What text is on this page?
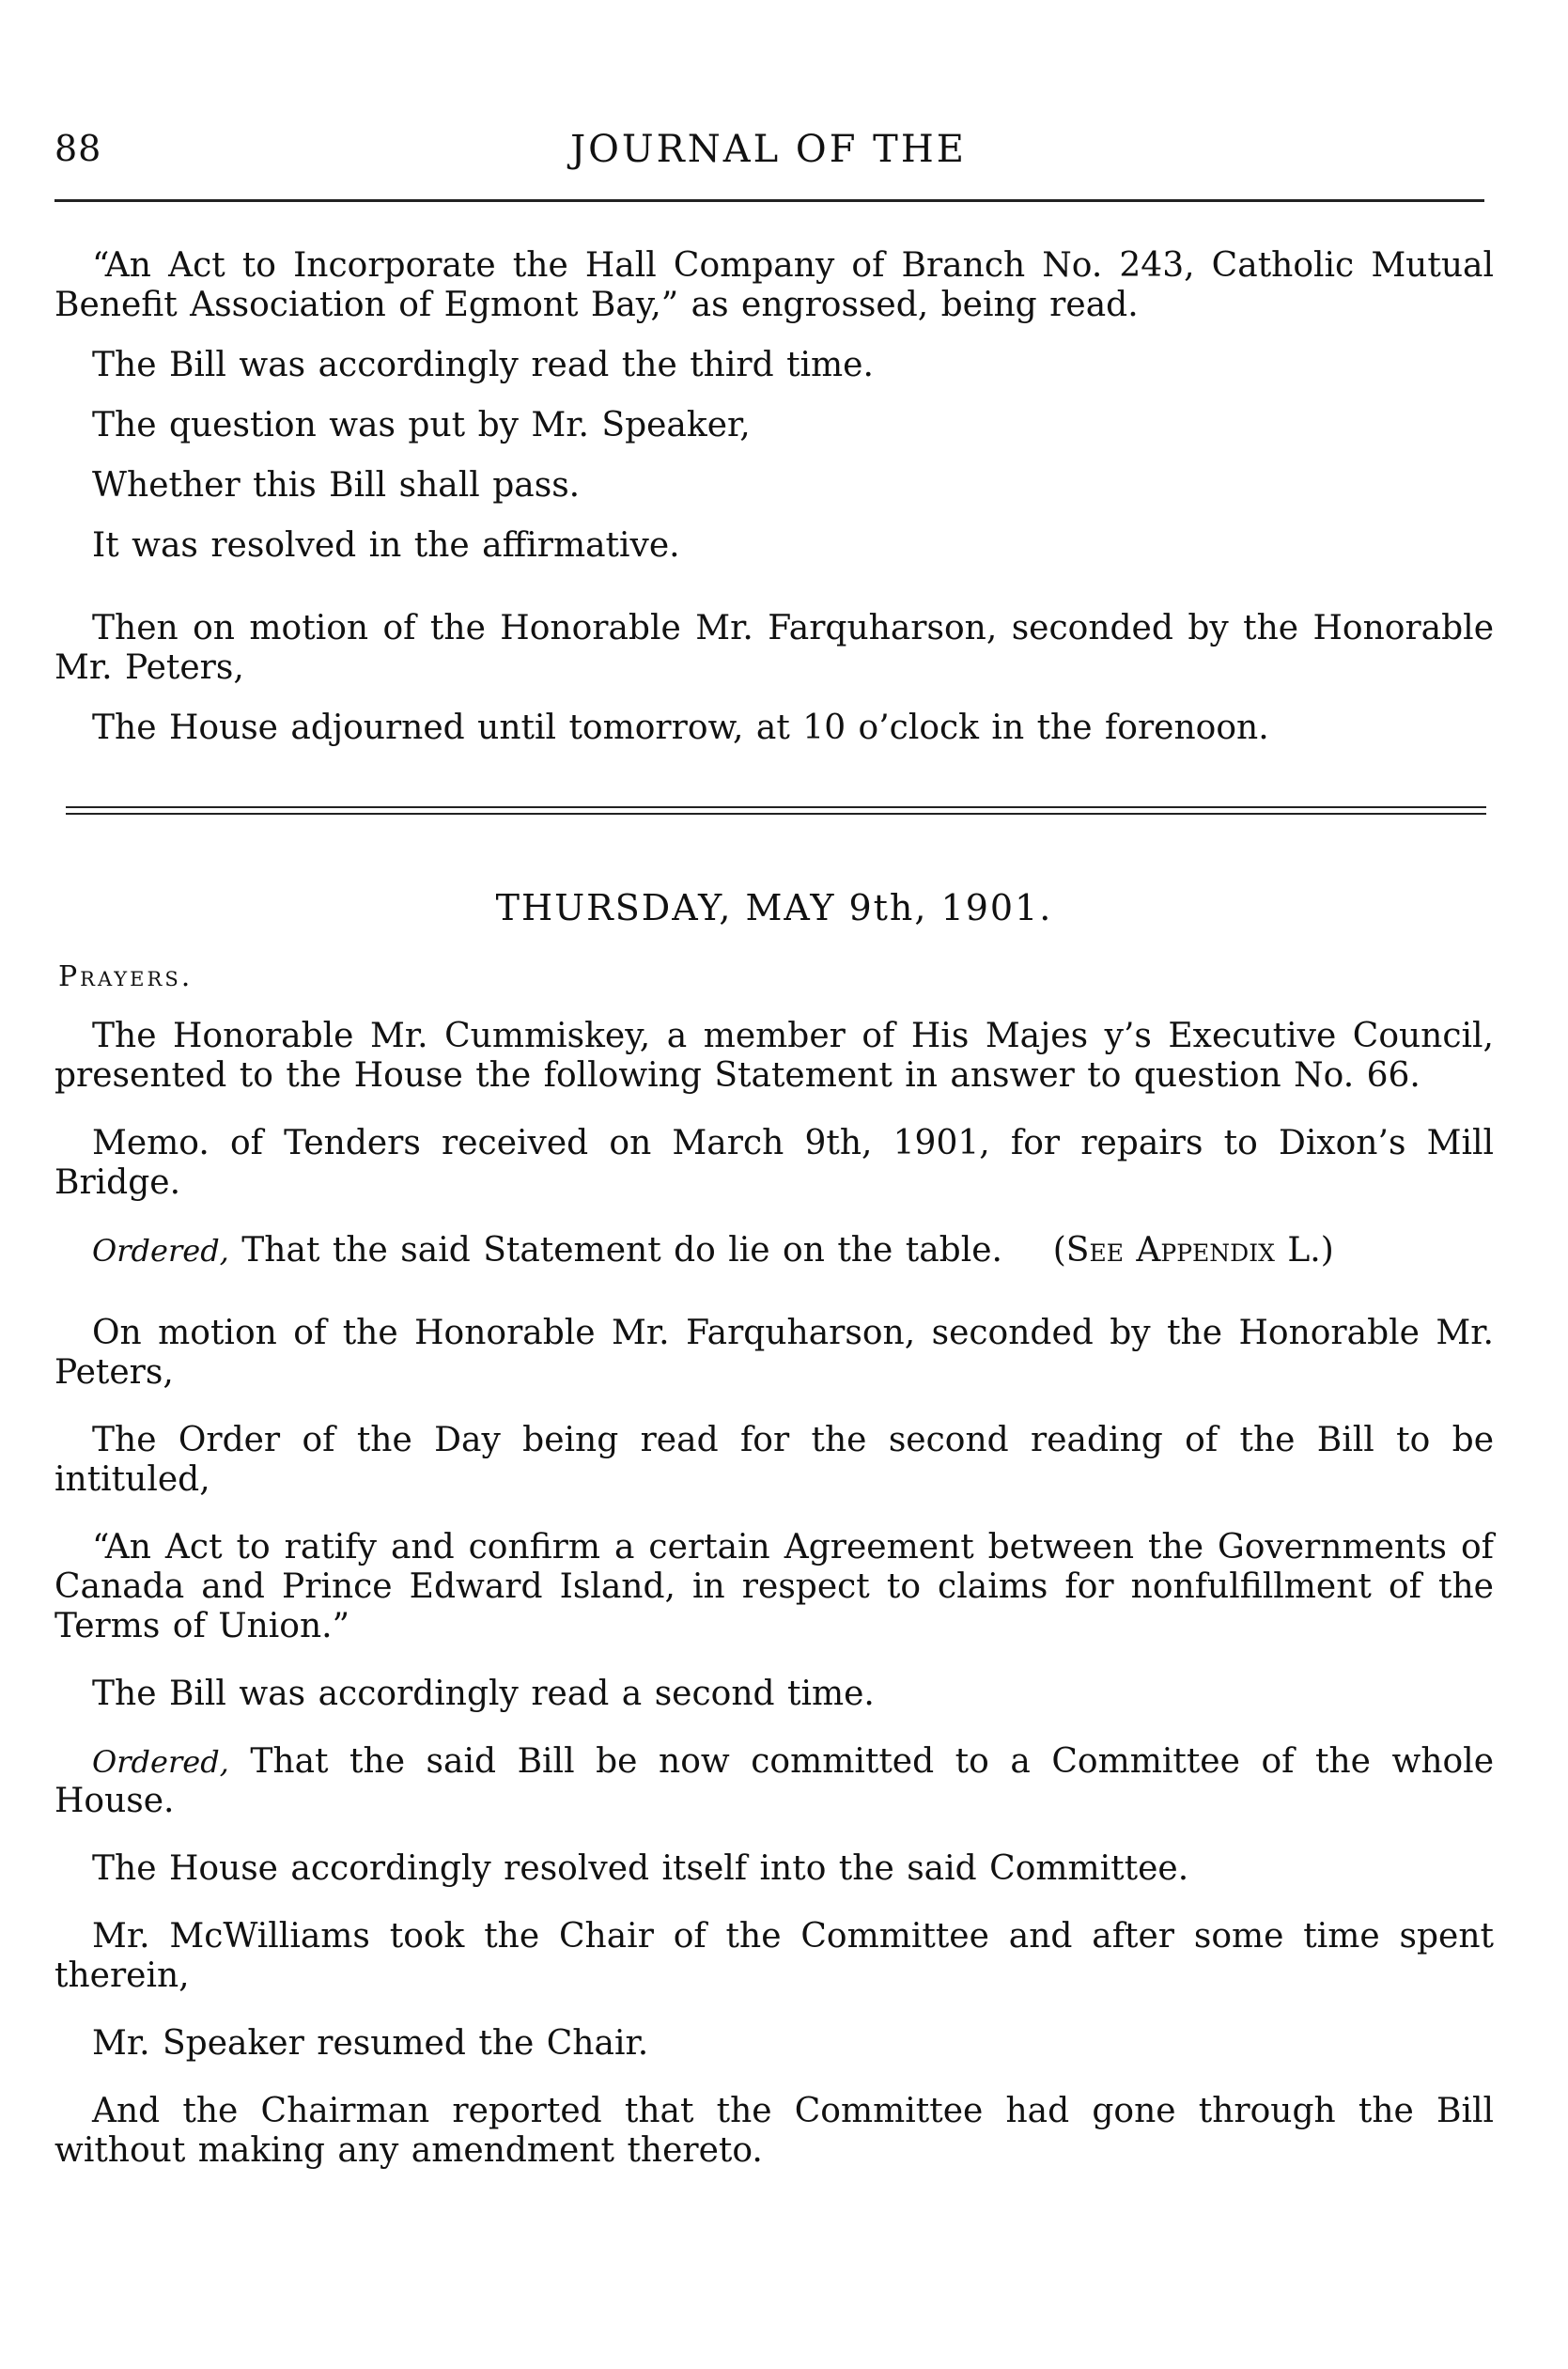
88	JOURNAL OF THE

“An Act to Incorporate the Hall Company of Branch No. 243, Catholic Mutual Benefit Association of Egmont Bay,” as engrossed, being read.

The Bill was accordingly read the third time.

The question was put by Mr. Speaker,

Whether this Bill shall pass.

It was resolved in the affirmative.

Then on motion of the Honorable Mr. Farquharson, seconded by the Honorable Mr. Peters,

The House adjourned until tomorrow, at 10 o’clock in the forenoon.

THURSDAY, MAY 9th, 1901.
Prayers.

The Honorable Mr. Cummiskey, a member of His Majes y’s Executive Council, presented to the House the following Statement in answer to question No. 66.

Memo. of Tenders received on March 9th, 1901, for repairs to Dixon’s Mill Bridge.

Ordered, That the said Statement do lie on the table. (See Appendix L.)

On motion of the Honorable Mr. Farquharson, seconded by the Honorable Mr. Peters,

The Order of the Day being read for the second reading of the Bill to be intituled,

“An Act to ratify and confirm a certain Agreement between the Governments of Canada and Prince Edward Island, in respect to claims for nonfulfillment of the Terms of Union.”

The Bill was accordingly read a second time.

Ordered, That the said Bill be now committed to a Committee of the whole House.

The House accordingly resolved itself into the said Committee.

Mr. McWilliams took the Chair of the Committee and after some time spent therein,

Mr. Speaker resumed the Chair.

And the Chairman reported that the Committee had gone through the Bill without making any amendment thereto.
